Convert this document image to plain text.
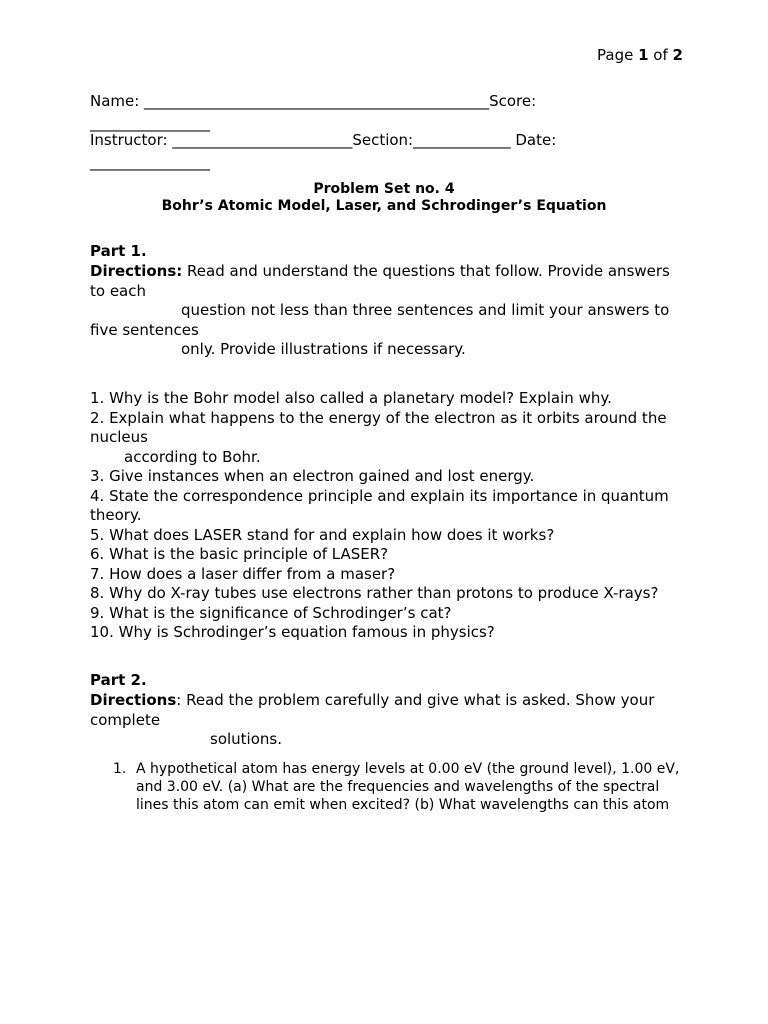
Page 1 of 2
Name: ______________________________________________Score:
________________
Instructor: ________________________Section:_____________ Date:
________________
Problem Set no. 4
Bohr’s Atomic Model, Laser, and Schrodinger’s Equation
Part 1.
Directions: Read and understand the questions that follow. Provide answers
to each
question not less than three sentences and limit your answers to
five sentences
only. Provide illustrations if necessary.
1. Why is the Bohr model also called a planetary model? Explain why.
2. Explain what happens to the energy of the electron as it orbits around the
nucleus
according to Bohr.
3. Give instances when an electron gained and lost energy.
4. State the correspondence principle and explain its importance in quantum
theory.
5. What does LASER stand for and explain how does it works?
6. What is the basic principle of LASER?
7. How does a laser differ from a maser?
8. Why do X-ray tubes use electrons rather than protons to produce X-rays?
9. What is the significance of Schrodinger’s cat?
10. Why is Schrodinger’s equation famous in physics?
Part 2.
Directions: Read the problem carefully and give what is asked. Show your
complete
solutions.
1. A hypothetical atom has energy levels at 0.00 eV (the ground level), 1.00 eV,
and 3.00 eV. (a) What are the frequencies and wavelengths of the spectral
lines this atom can emit when excited? (b) What wavelengths can this atom
